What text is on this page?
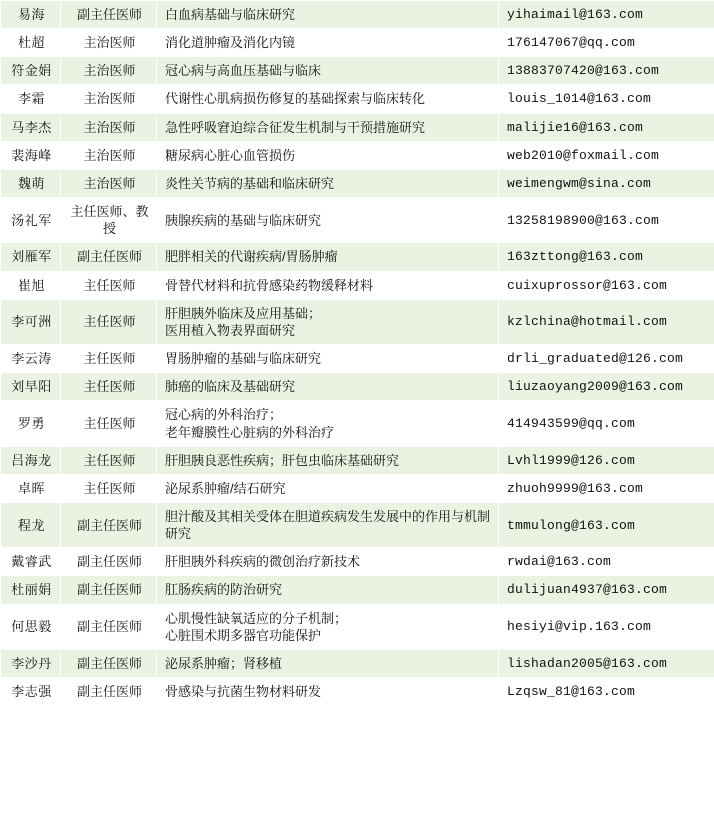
易海	副主任医师	白血病基础与临床研究	yihaimail@163.com
杜超	主治医师	消化道肿瘤及消化内镜	176147067@qq.com
符金娟	主治医师	冠心病与高血压基础与临床	13883707420@163.com
李霜	主治医师	代谢性心肌病损伤修复的基础探索与临床转化	louis_1014@163.com
马李杰	主治医师	急性呼吸窘迫综合征发生机制与干预措施研究	malijie16@163.com
裴海峰	主治医师	糖尿病心脏心血管损伤	web2010@foxmail.com
魏萌	主治医师	炎性关节病的基础和临床研究	weimengwm@sina.com
汤礼军	主任医师、教授	胰腺疾病的基础与临床研究	13258198900@163.com
刘雁军	副主任医师	肥胖相关的代谢疾病/胃肠肿瘤	163zttong@163.com
崔旭	主任医师	骨替代材料和抗骨感染药物缓释材料	cuixuprossor@163.com
李可洲	主任医师	肝胆胰外临床及应用基础；
医用植入物表界面研究	kzlchina@hotmail.com
李云涛	主任医师	胃肠肿瘤的基础与临床研究	drli_graduated@126.com
刘早阳	主任医师	肺癌的临床及基础研究	liuzaoyang2009@163.com
罗勇	主任医师	冠心病的外科治疗；
老年瓣膜性心脏病的外科治疗	414943599@qq.com
吕海龙	主任医师	肝胆胰良恶性疾病；肝包虫临床基础研究	Lvhl1999@126.com
卓晖	主任医师	泌尿系肿瘤/结石研究	zhuoh9999@163.com
程龙	副主任医师	胆汁酸及其相关受体在胆道疾病发生发展中的作用与机制研究	tmmulong@163.com
戴睿武	副主任医师	肝胆胰外科疾病的微创治疗新技术	rwdai@163.com
杜丽娟	副主任医师	肛肠疾病的防治研究	dulijuan4937@163.com
何思毅	副主任医师	心肌慢性缺氧适应的分子机制；
心脏围术期多器官功能保护	hesiyi@vip.163.com
李沙丹	副主任医师	泌尿系肿瘤；肾移植	lishadan2005@163.com
李志强	副主任医师	骨感染与抗菌生物材料研发	Lzqsw_81@163.com
